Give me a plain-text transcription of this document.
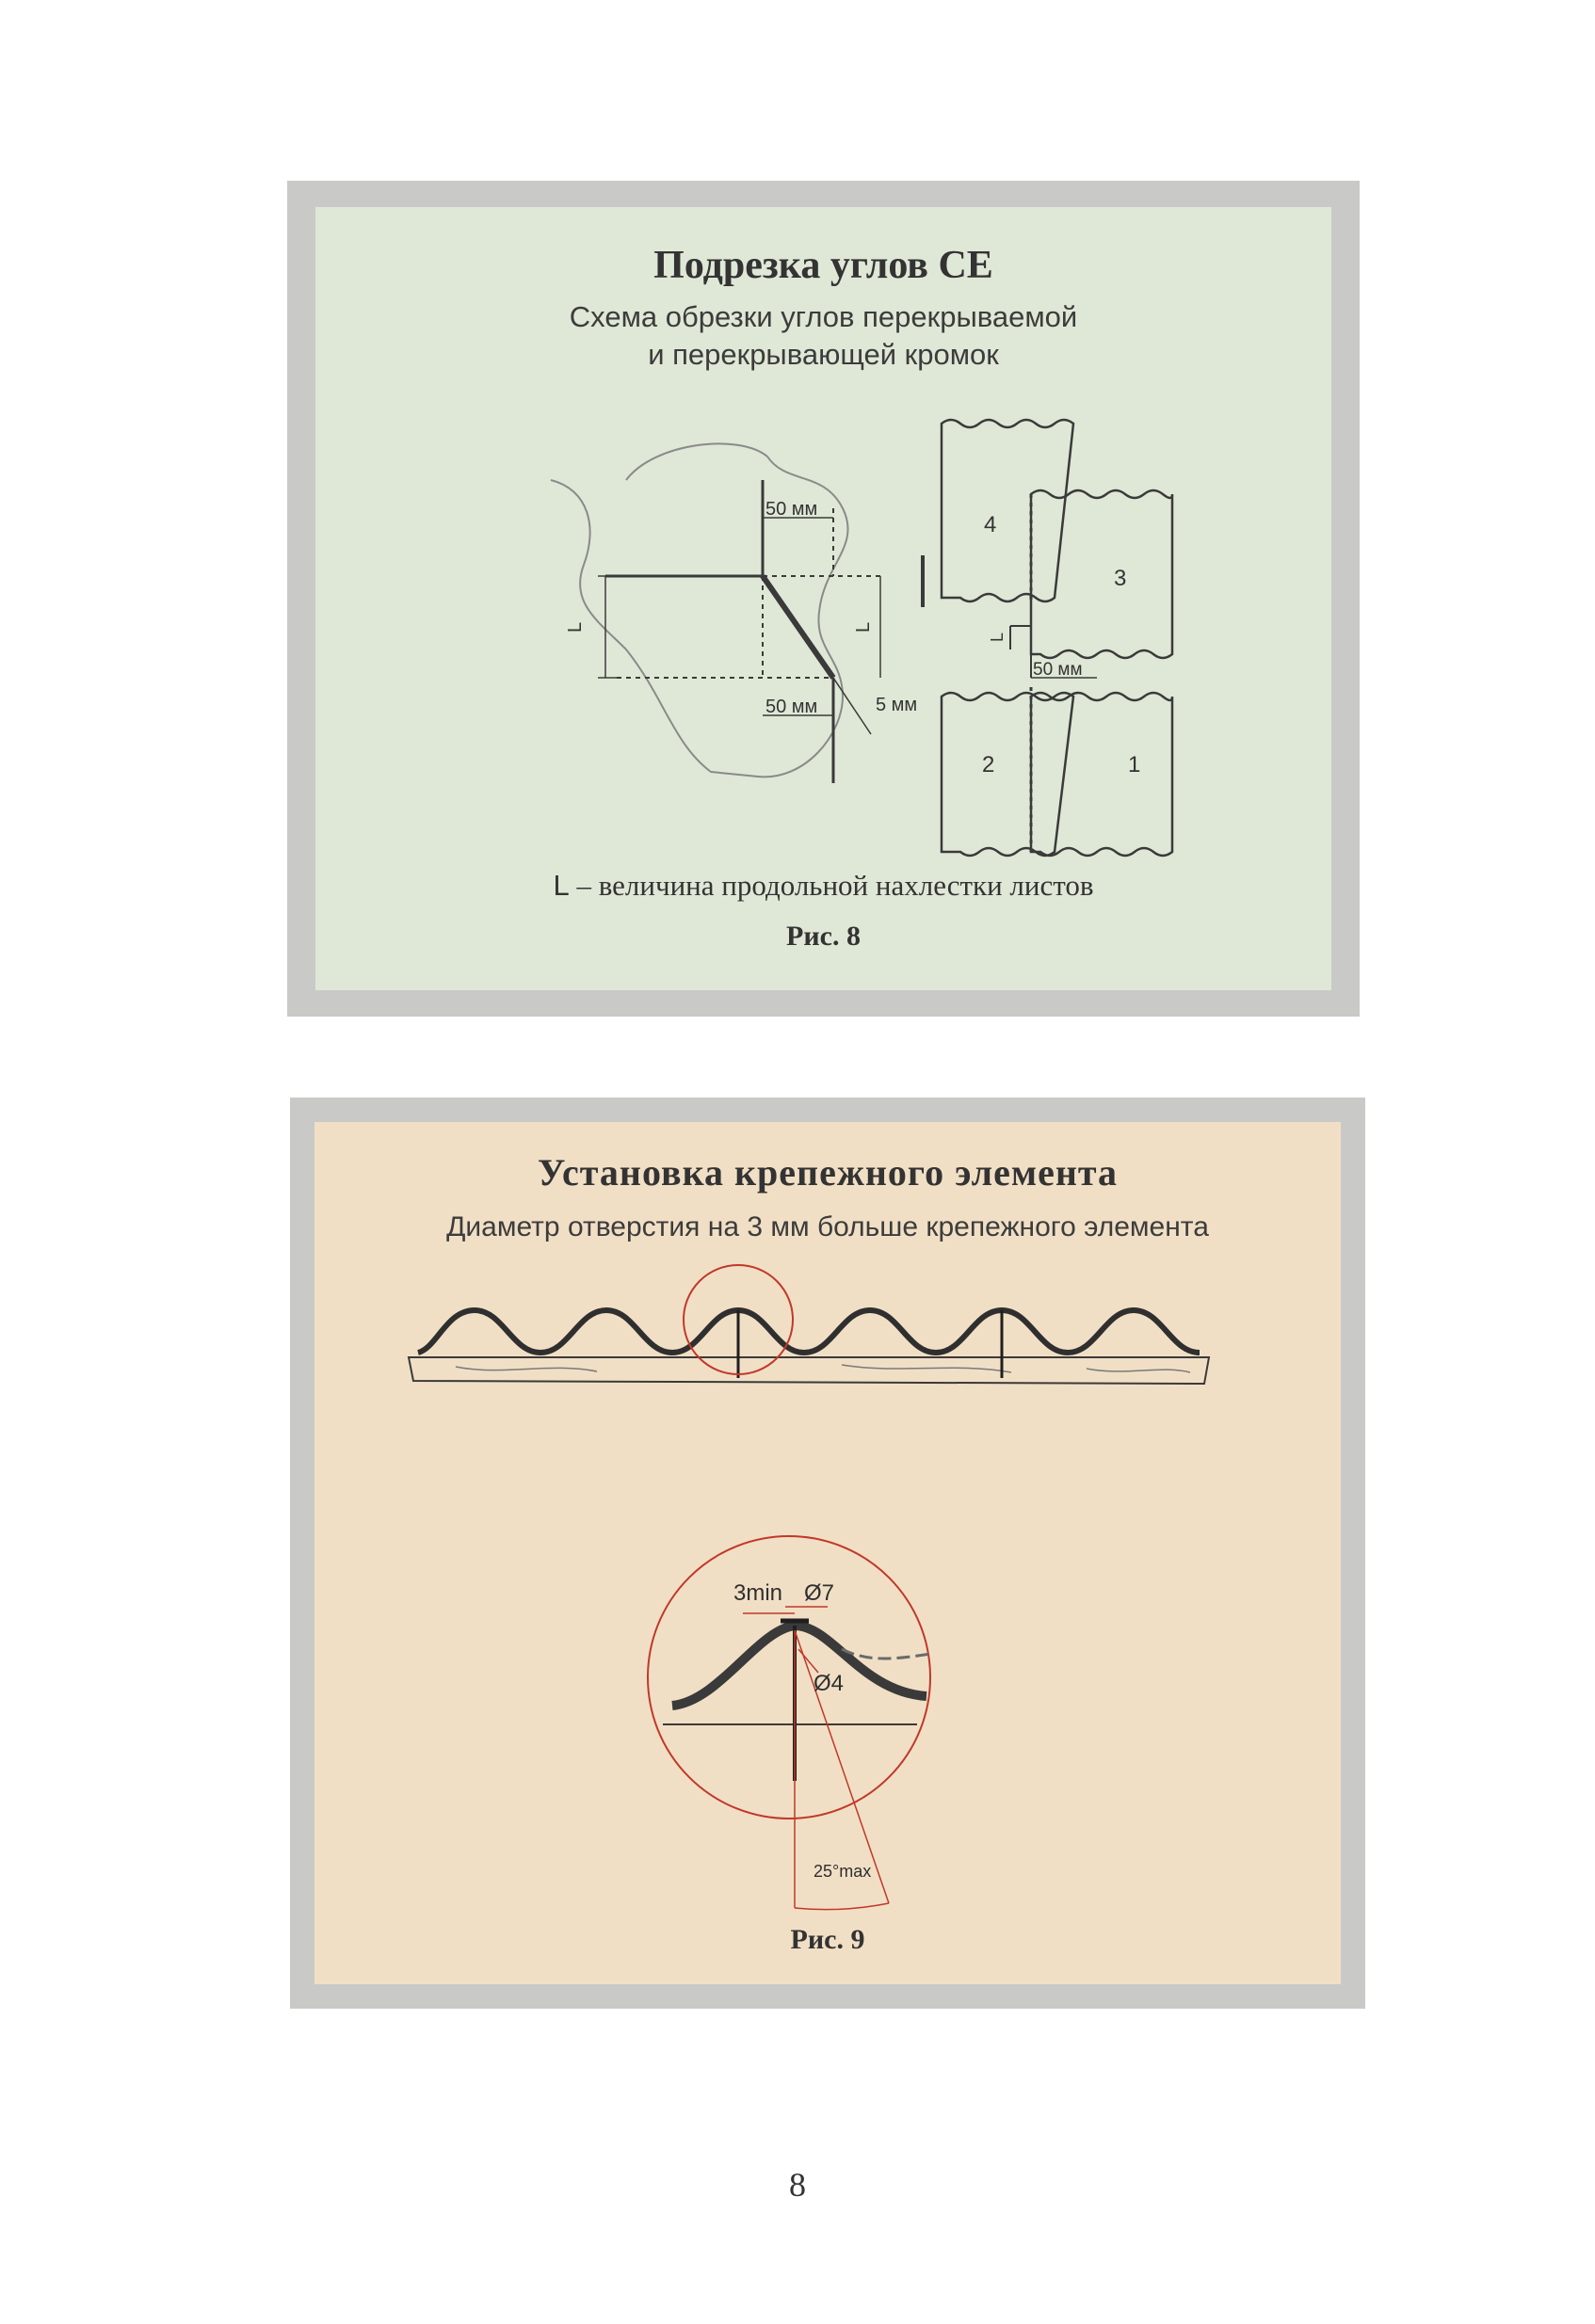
Подрезка углов СЕ
Схема обрезки углов перекрываемой
и перекрывающей кромок
50 мм
50 мм	5 мм
L	L
4
3
2	1
L
50 мм
L – величина продольной нахлестки листов
Рис. 8
Установка крепежного элемента
Диаметр отверстия на 3 мм больше крепежного элемента
3min Ø7
Ø4
25°max
Рис. 9
8
